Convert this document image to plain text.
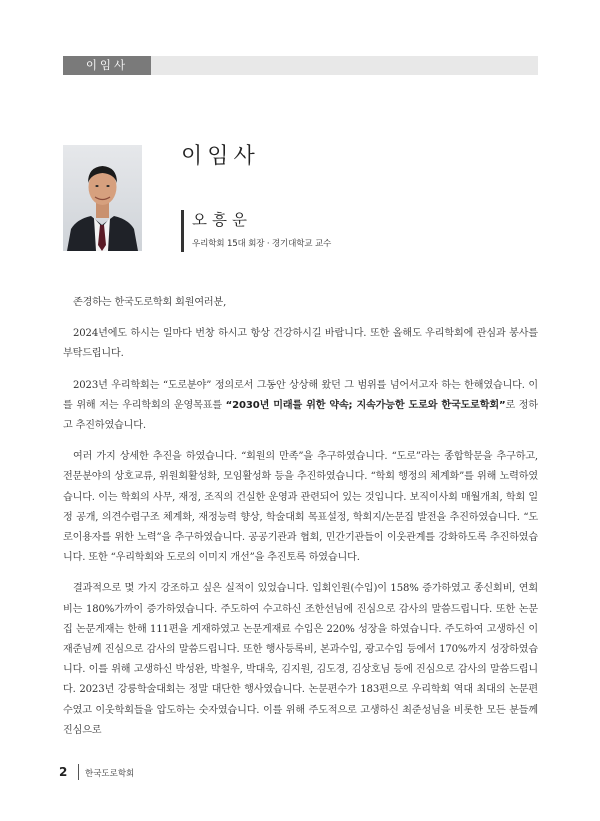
이임사
이임사
오흥운
우리학회 15대 회장 · 경기대학교 교수

존경하는 한국도로학회 회원여러분,

2024년에도 하시는 일마다 번창 하시고 항상 건강하시길 바랍니다. 또한 올해도 우리학회에 관심과 봉사를 부탁드립니다.

2023년 우리학회는 “도로분야” 정의로서 그동안 상상해 왔던 그 범위를 넘어서고자 하는 한해였습니다. 이를 위해 저는 우리학회의 운영목표를 “2030년 미래를 위한 약속; 지속가능한 도로와 한국도로학회”로 정하고 추진하였습니다.

여러 가지 상세한 추진을 하였습니다. “회원의 만족”을 추구하였습니다. “도로”라는 종합학문을 추구하고, 전문분야의 상호교류, 위원회활성화, 모임활성화 등을 추진하였습니다. “학회 행정의 체계화”를 위해 노력하였습니다. 이는 학회의 사무, 재정, 조직의 건실한 운영과 관련되어 있는 것입니다. 보직이사회 매월개최, 학회 일정 공개, 의견수렴구조 체계화, 재정능력 향상, 학술대회 목표설정, 학회지/논문집 발전을 추진하였습니다. “도로이용자를 위한 노력”을 추구하였습니다. 공공기관과 협회, 민간기관들이 이웃관계를 강화하도록 추진하였습니다. 또한 “우리학회와 도로의 이미지 개선”을 추진토록 하였습니다.

결과적으로 몇 가지 강조하고 싶은 실적이 있었습니다. 입회인원(수입)이 158% 증가하였고 종신회비, 연회비는 180%가까이 증가하였습니다. 주도하여 수고하신 조한선님에 진심으로 감사의 말씀드립니다. 또한 논문집 논문게재는 한해 111편을 게재하였고 논문게재료 수입은 220% 성장을 하였습니다. 주도하여 고생하신 이재준님께 진심으로 감사의 말씀드립니다. 또한 행사등록비, 본과수입, 광고수입 등에서 170%까지 성장하였습니다. 이를 위해 고생하신 박성완, 박철우, 박대욱, 김지원, 김도경, 김상호님 등에 진심으로 감사의 말씀드립니다. 2023년 강릉학술대회는 정말 대단한 행사였습니다. 논문편수가 183편으로 우리학회 역대 최대의 논문편수였고 이웃학회들을 압도하는 숫자였습니다. 이를 위해 주도적으로 고생하신 최준성님을 비롯한 모든 분들께 진심으로

2 한국도로학회
